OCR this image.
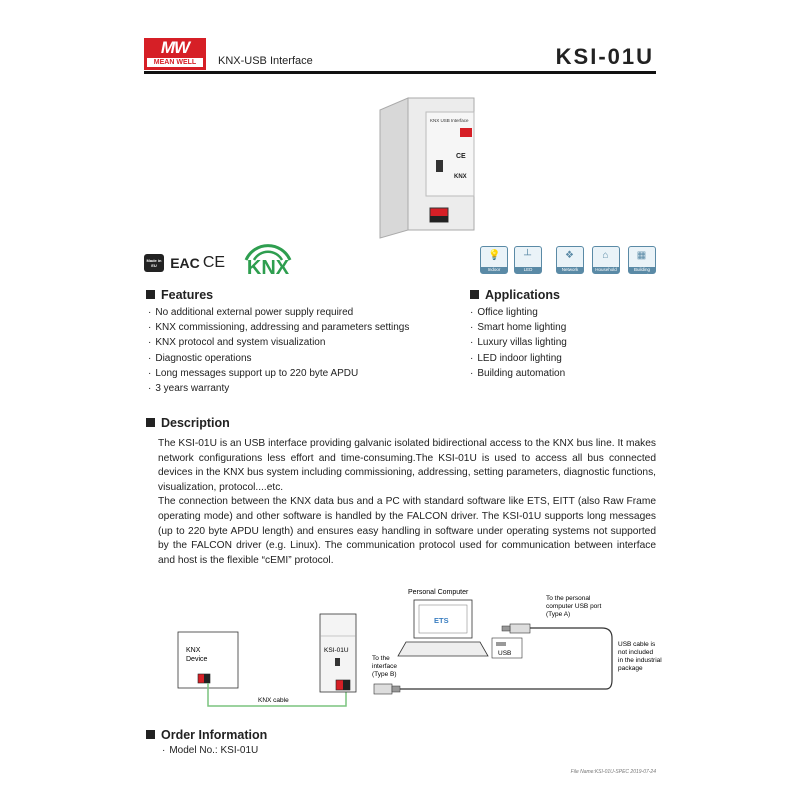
MW
MEAN WELL	KNX-USB Interface	KSI-01U
KNX USB Interface
CE
KNX
Made in EU EAC CE KNX
💡
Indoor
┴
LED
❖
Network
⌂
Household
▦
Building Automation
Features
· No additional external power supply required
· KNX commissioning, addressing and parameters settings
· KNX protocol and system visualization
· Diagnostic operations
· Long messages support up to 220 byte APDU
· 3 years warranty
Applications
· Office lighting
· Smart home lighting
· Luxury villas lighting
· LED indoor lighting
· Building automation
Description

The KSI-01U is an USB interface providing galvanic isolated bidirectional access to the KNX bus line. It makes network configurations less effort and time-consuming.The KSI-01U is used to access all bus connected devices in the KNX bus system including commissioning, addressing, setting parameters, diagnostic functions, visualization, protocol....etc.

The connection between the KNX data bus and a PC with standard software like ETS, EITT (also Raw Frame operating mode) and other software is handled by the FALCON driver. The KSI-01U supports long messages (up to 220 byte APDU length) and ensures easy handling in software under operating systems not supported by the FALCON driver (e.g. Linux). The communication protocol used for communication between interface and host is the flexible “cEMI” protocol.

KNX
Device
KNX cable
KSI-01U
To the
interface
(Type B)
Personal Computer
ETS
USB
To the personal
computer USB port
(Type A)
USB cable is
not included
in the industrial
package
Order Information
· Model No.: KSI-01U
File Name:KSI-01U-SPEC 2019-07-24
